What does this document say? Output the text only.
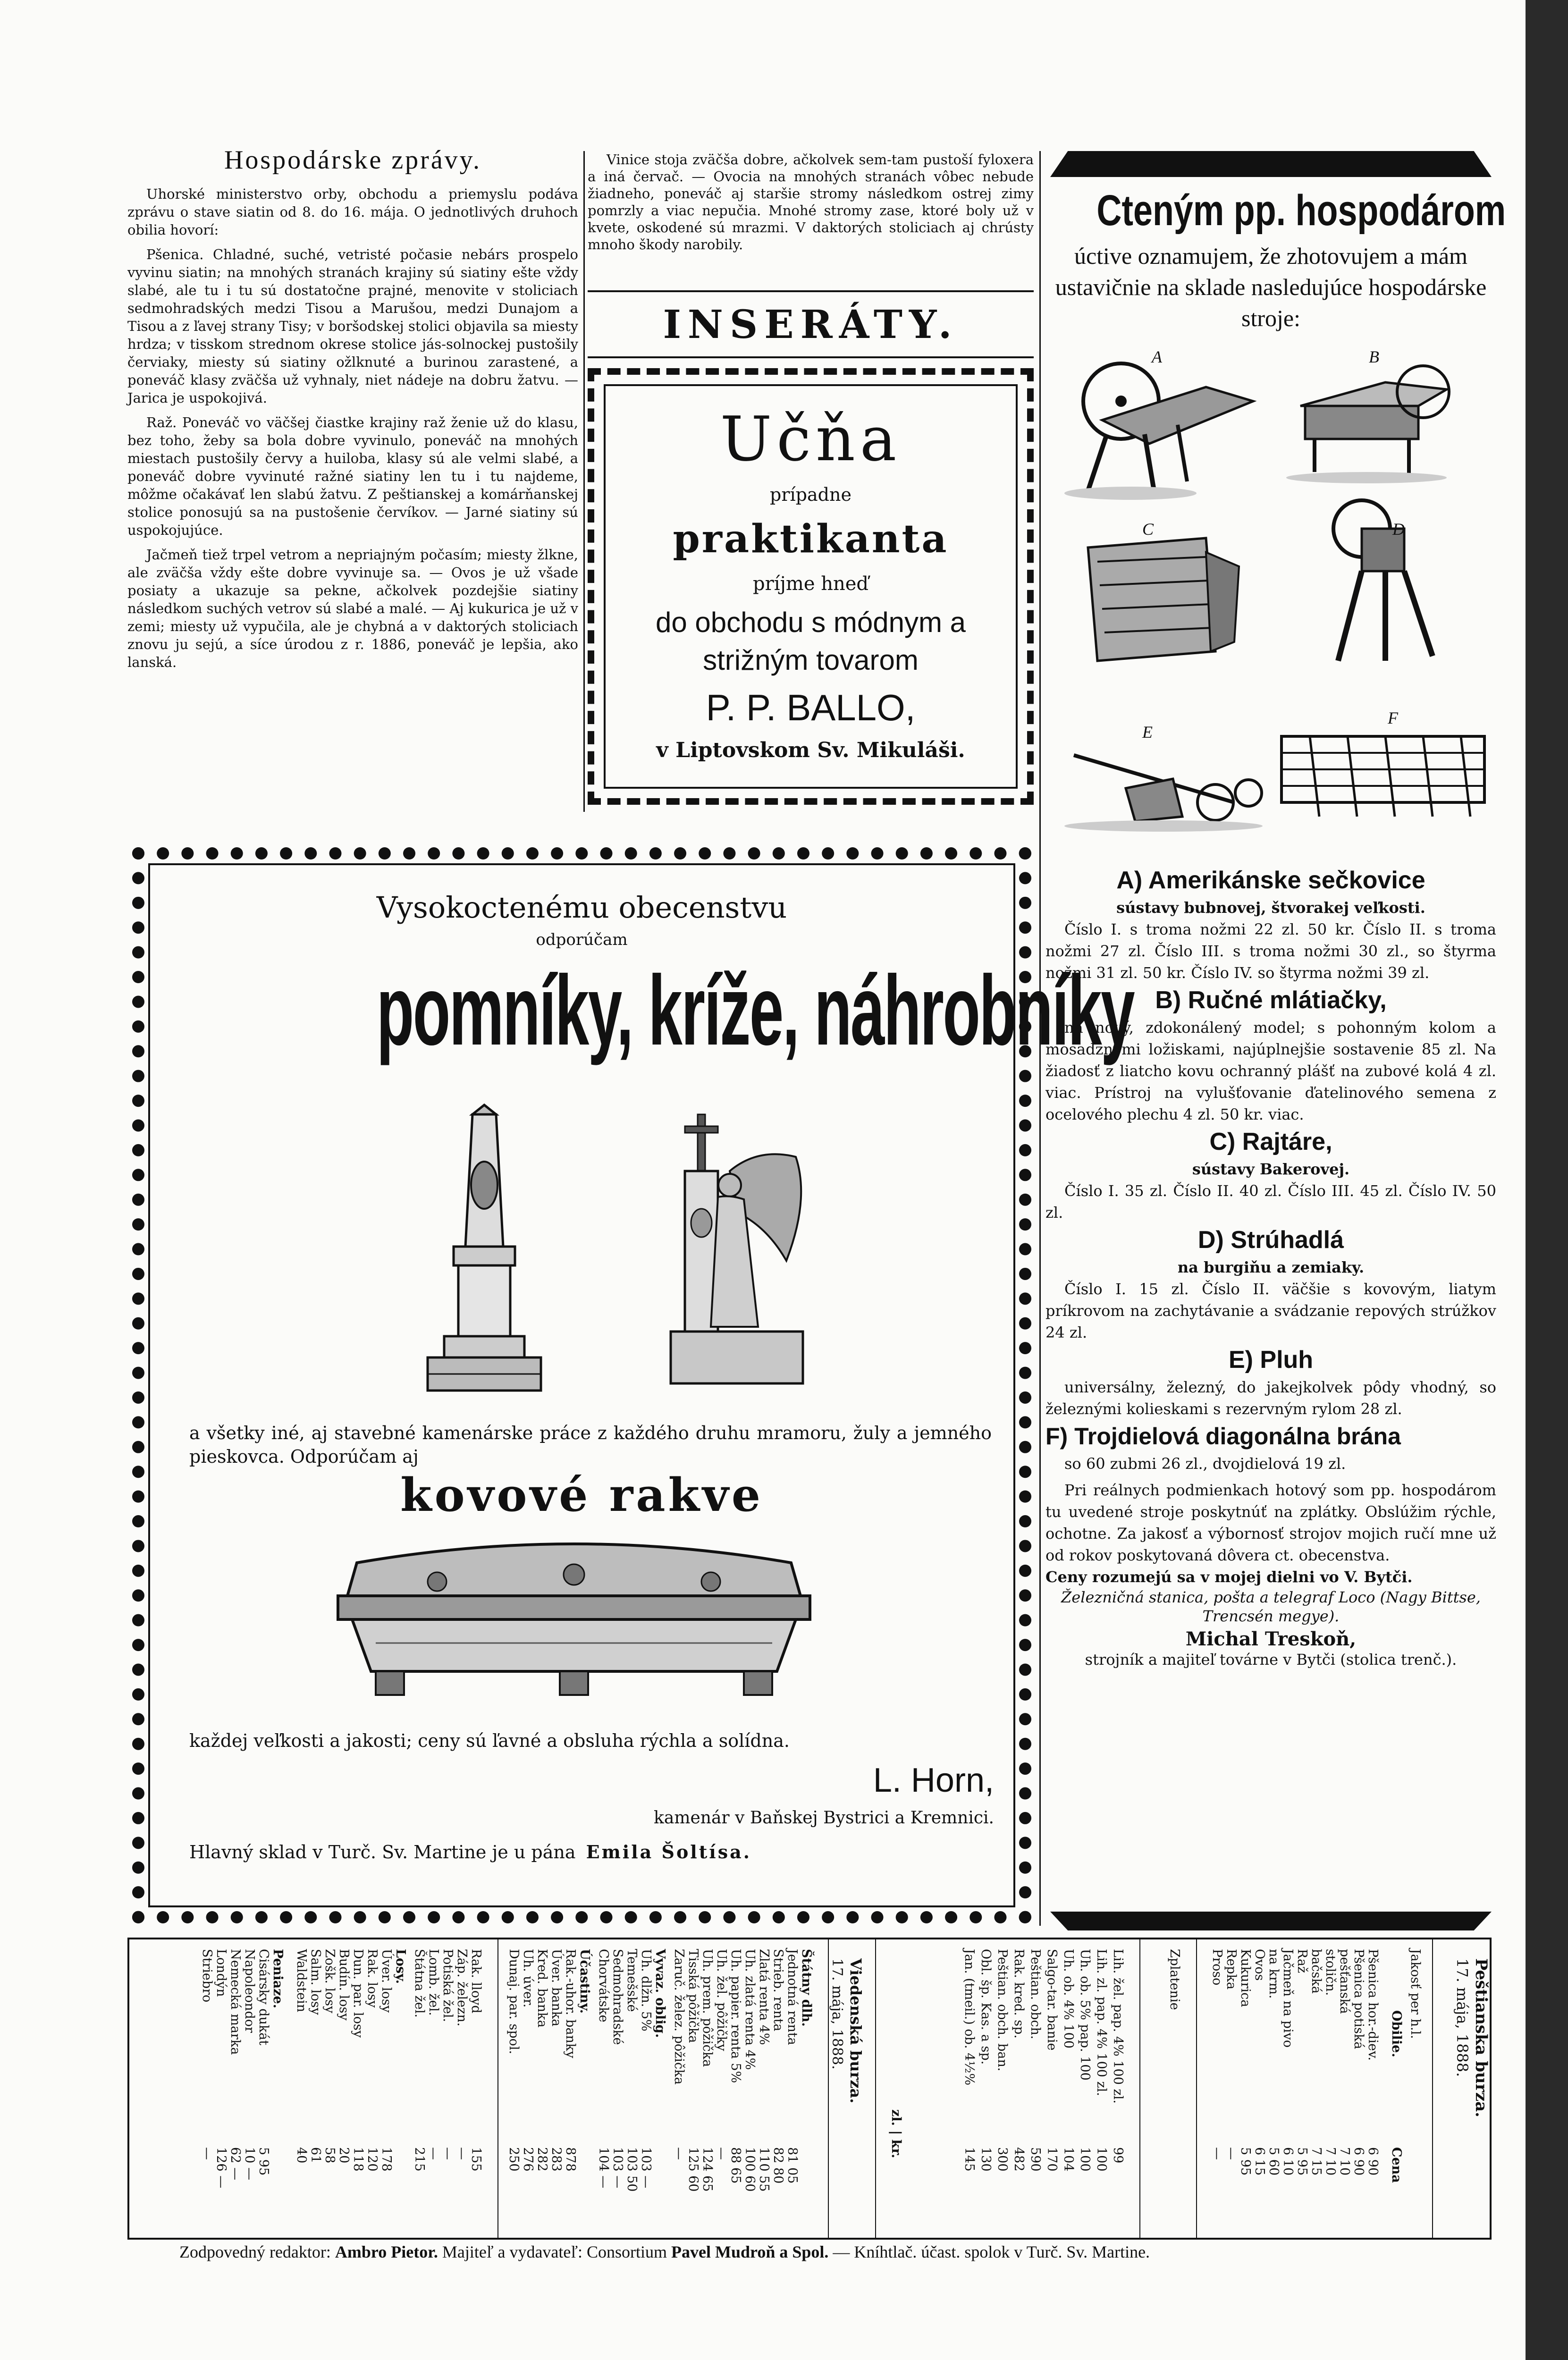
Hospodárske zprávy.

Uhorské ministerstvo orby, obchodu a priemyslu podáva zprávu o stave siatin od 8. do 16. mája. O jednotlivých druhoch obilia hovorí:

Pšenica. Chladné, suché, vetristé počasie nebárs prospelo vyvinu siatin; na mnohých stranách krajiny sú siatiny ešte vždy slabé, ale tu i tu sú dostatočne prajné, menovite v stoliciach sedmohradských medzi Tisou a Marušou, medzi Dunajom a Tisou a z ľavej strany Tisy; v boršodskej stolici objavila sa miesty hrdza; v tisskom strednom okrese stolice jás-solnockej pustošily červiaky, miesty sú siatiny ožlknuté a burinou zarastené, a poneváč klasy zväčša už vyhnaly, niet nádeje na dobru žatvu. — Jarica je uspokojivá.

Raž. Poneváč vo väčšej čiastke krajiny raž ženie už do klasu, bez toho, žeby sa bola dobre vyvinulo, poneváč na mnohých miestach pustošily červy a huiloba, klasy sú ale velmi slabé, a poneváč dobre vyvinuté ražné siatiny len tu i tu najdeme, môžme očakávať len slabú žatvu. Z peštianskej a komárňanskej stolice ponosujú sa na pustošenie červíkov. — Jarné siatiny sú uspokojujúce.

Jačmeň tiež trpel vetrom a nepriajným počasím; miesty žlkne, ale zväčša vždy ešte dobre vyvinuje sa. — Ovos je už všade posiaty a ukazuje sa pekne, ačkolvek pozdejšie siatiny následkom suchých vetrov sú slabé a malé. — Aj kukurica je už v zemi; miesty už vypučila, ale je chybná a v daktorých stoliciach znovu ju sejú, a síce úrodou z r. 1886, poneváč je lepšia, ako lanská.

Vinice stoja zväčša dobre, ačkolvek sem-tam pustoší fyloxera a iná červač. — Ovocia na mnohých stranách vôbec nebude žiadneho, poneváč aj staršie stromy následkom ostrej zimy pomrzly a viac nepučia. Mnohé stromy zase, ktoré boly už v kvete, oskodené sú mrazmi. V daktorých stoliciach aj chrústy mnoho škody narobily.

INSERÁTY.
Učňa
prípadne
praktikanta
príjme hneď
do obchodu s módnym a
strižným tovarom
P. P. BALLO,
v Liptovskom Sv. Mikuláši.
Vysokoctenému obecenstvu
odporúčam
pomníky, kríže, náhrobníky
a všetky iné, aj stavebné kamenárske práce z každého druhu mramoru, žuly a jemného pieskovca. Odporúčam aj
kovové rakve
každej veľkosti a jakosti; ceny sú ľavné a obsluha rýchla a solídna.
L. Horn,
kamenár v Baňskej Bystrici a Kremnici.
Hlavný sklad v Turč. Sv. Martine je u pána Emila Šoltísa.
Cteným pp. hospodárom
úctive oznamujem, že zhotovujem a mám ustavičnie na sklade nasledujúce hospodárske stroje:
A	B
C	D
E
F
A) Amerikánske sečkovice
sústavy bubnovej, štvorakej veľkosti.
Číslo I. s troma nožmi 22 zl. 50 kr. Číslo II. s troma nožmi 27 zl. Číslo III. s troma nožmi 30 zl., so štyrma nožmi 31 zl. 50 kr. Číslo IV. so štyrma nožmi 39 zl.
B) Ručné mlátiačky,
na nový, zdokonálený model; s pohonným kolom a mosadznými ložiskami, najúplnejšie sostavenie 85 zl. Na žiadosť z liatcho kovu ochranný plášť na zubové kolá 4 zl. viac. Prístroj na vylušťovanie ďatelinového semena z ocelového plechu 4 zl. 50 kr. viac.
C) Rajtáre,
sústavy Bakerovej.
Číslo I. 35 zl. Číslo II. 40 zl. Číslo III. 45 zl. Číslo IV. 50 zl.
D) Strúhadlá
na burgiňu a zemiaky.
Číslo I. 15 zl. Číslo II. väčšie s kovovým, liatym príkrovom na zachytávanie a svádzanie repových strúžkov 24 zl.
E) Pluh
universálny, železný, do jakejkolvek pôdy vhodný, so železnými kolieskami s rezervným rylom 28 zl.
F) Trojdielová diagonálna brána
so 60 zubmi 26 zl., dvojdielová 19 zl.
Pri reálnych podmienkach hotový som pp. hospodárom tu uvedené stroje poskytnúť na zplátky. Obslúžim rýchle, ochotne. Za jakosť a výbornosť strojov mojich ručí mne už od rokov poskytovaná dôvera ct. obecenstva.
Ceny rozumejú sa v mojej dielni vo V. Bytči.
Železničná stanica, pošta a telegraf Loco (Nagy Bittse, Trencsén megye).
Michal Treskoň,
strojník a majiteľ továrne v Bytči (stolica trenč.).
Peštianska burza.
17. mája, 1888.
Jakosť per h.l.
Obilie.
Cena
Pšenica hor.-diev.
Pšenica potiská
pešťanská
stoličn.
bačská
Raž
Jačmeň na pivo
na krm.
Ovos
Kukurica
Repka
Proso
6 90
6 90
7 10
7 10
7 15
5 95
6 10
5 60
6 15
5 95
—
—
Zplatenie
Lih. žel. pap. 4% 100 zl.
Lih. zl. pap. 4% 100 zl.
Uh. ob. 5% pap. 100
Uh. ob. 4% 100
Salgo-tar. banie
Peštian. obch.
Rak. kred. sp.
Peštian. obch. ban.
Obl. šp. Kas. a sp.
Jan. (tmeil.) ob. 4½%
99
100
100
104
170
590
482
300
130
145
zl. | kr.
Viedenská burza.
17. mája, 1888.
Štátny dlh.
Jednotná renta
Strieb. renta
Zlatá renta 4%
Uh. zlatá renta 4%
Uh. papier. renta 5%
Uh. žel. pôžičky
Uh. prem. pôžička
Tisská pôžička
Zaruč. želez. pôžička
81 05
82 80
110 55
100 60
88 65
—
124 65
125 60
—
Vyvaz. oblig.
Uh. dlžn. 5%
Temešské
Sedmohradské
Chorvátske
103 —
103 50
103 —
104 —
Účastiny.
Rak.-uhor. banky
Úver. banka
Kred. banka
Uh. úver.
Dunaj. par. spol.
Rak. lloyd
Záp. železn.
Potiská žel.
Lomb. žel.
Štátna žel.
878
283
282
276
250
155
—
—
—
215
Losy.
Úver. losy
Rak. losy
Dun. par. losy
Budín. losy
Zošk. losy
Salm. losy
Waldstein
178
120
118
20
58
61
40
Peniaze.
Cisársky dukát
Napoleondor
Nemecká marka
Londýn
Striebro
5 95
10 —
62 —
126 —
—
Zodpovedný redaktor: Ambro Pietor. Majiteľ a vydavateľ: Consortium Pavel Mudroň a Spol. — Kníhtlač. účast. spolok v Turč. Sv. Martine.
